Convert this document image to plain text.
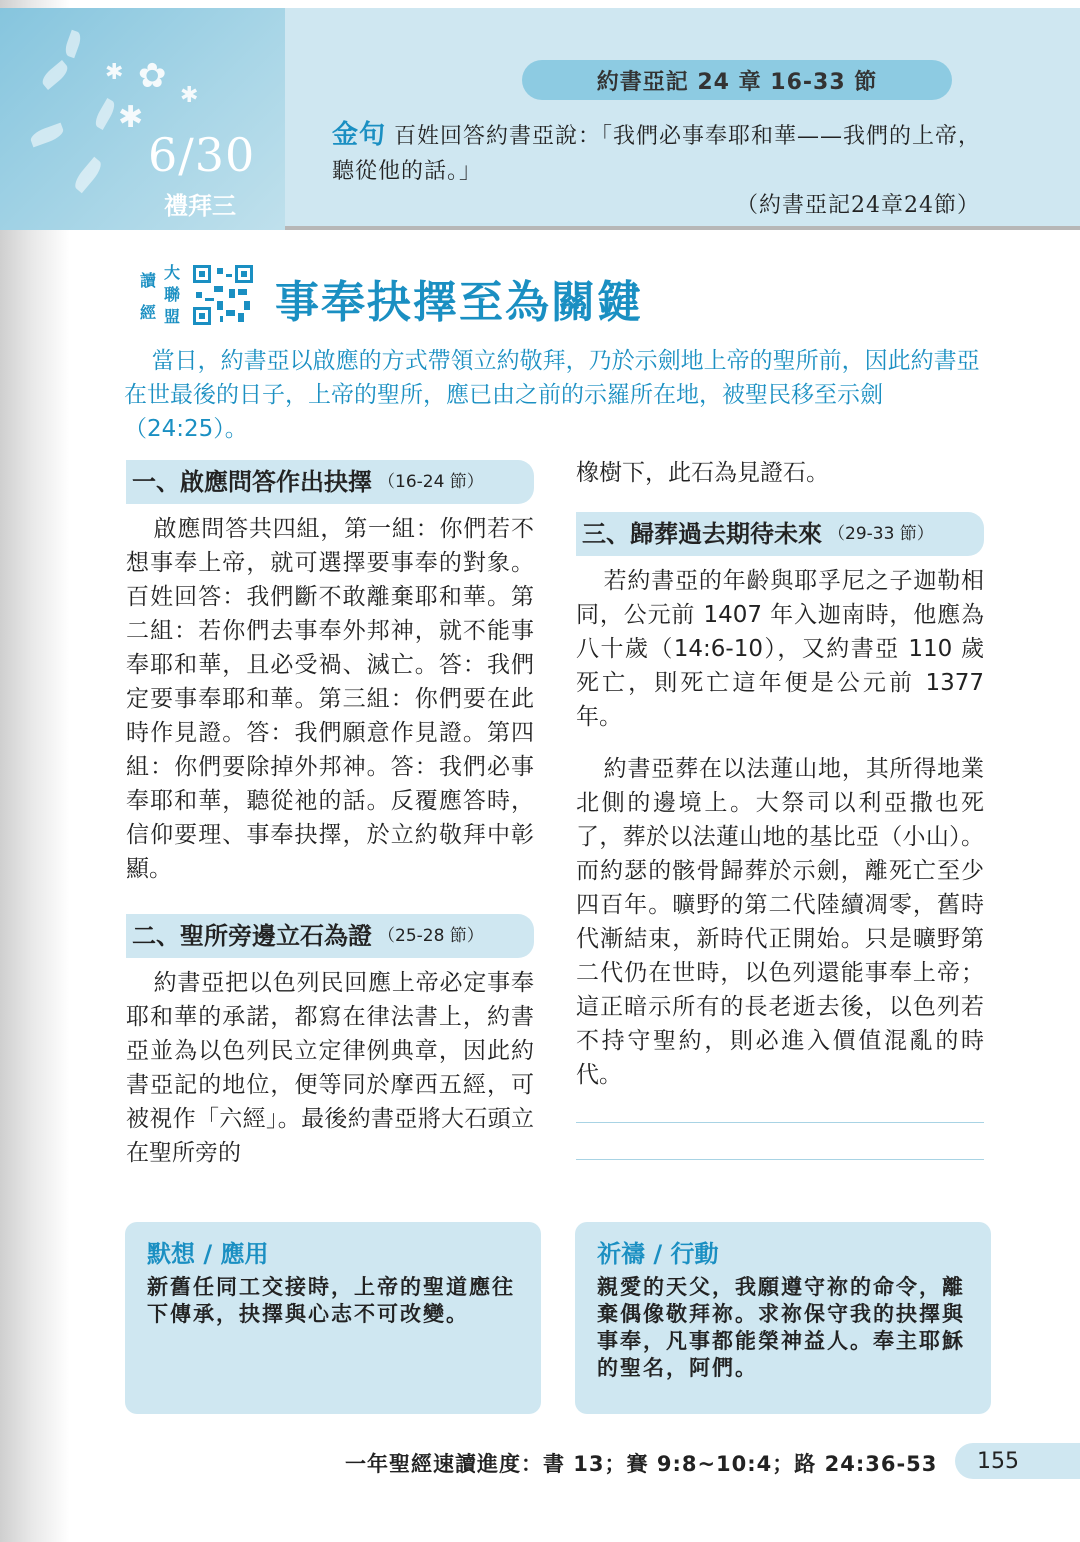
✱ ✿ ✱
✱
6/30
禮拜三
約書亞記 24 章 16-33 節
金句 百姓回答約書亞說：「我們必事奉耶和華——我們的上帝，聽從他的話。」
（約書亞記24章24節）
讀 大
聯
經 盟 事奉抉擇至為關鍵
當日，約書亞以啟應的方式帶領立約敬拜，乃於示劍地上帝的聖所前，因此約書亞在世最後的日子，上帝的聖所，應已由之前的示羅所在地，被聖民移至示劍（24:25）。
一、啟應問答作出抉擇 （16-24 節）
啟應問答共四組，第一組：你們若不想事奉上帝，就可選擇要事奉的對象。百姓回答：我們斷不敢離棄耶和華。第二組：若你們去事奉外邦神，就不能事奉耶和華，且必受禍、滅亡。答：我們定要事奉耶和華。第三組：你們要在此時作見證。答：我們願意作見證。第四組：你們要除掉外邦神。答：我們必事奉耶和華，聽從祂的話。反覆應答時，信仰要理、事奉抉擇，於立約敬拜中彰顯。
二、聖所旁邊立石為證 （25-28 節）
約書亞把以色列民回應上帝必定事奉耶和華的承諾，都寫在律法書上，約書亞並為以色列民立定律例典章，因此約書亞記的地位，便等同於摩西五經，可被視作「六經」。最後約書亞將大石頭立在聖所旁的
橡樹下，此石為見證石。
三、歸葬過去期待未來 （29-33 節）
若約書亞的年齡與耶孚尼之子迦勒相同，公元前 1407 年入迦南時，他應為八十歲（14:6-10），又約書亞 110 歲死亡，則死亡這年便是公元前 1377 年。
約書亞葬在以法蓮山地，其所得地業北側的邊境上。大祭司以利亞撒也死了，葬於以法蓮山地的基比亞（小山）。而約瑟的骸骨歸葬於示劍，離死亡至少四百年。曠野的第二代陸續凋零，舊時代漸結束，新時代正開始。只是曠野第二代仍在世時，以色列還能事奉上帝；這正暗示所有的長老逝去後，以色列若不持守聖約，則必進入價值混亂的時代。
默想 / 應用
新舊任同工交接時，上帝的聖道應往下傳承，抉擇與心志不可改變。
祈禱 / 行動
親愛的天父，我願遵守祢的命令，離棄偶像敬拜祢。求祢保守我的抉擇與事奉，凡事都能榮神益人。奉主耶穌的聖名，阿們。
一年聖經速讀進度：書 13；賽 9:8~10:4；路 24:36-53	155
